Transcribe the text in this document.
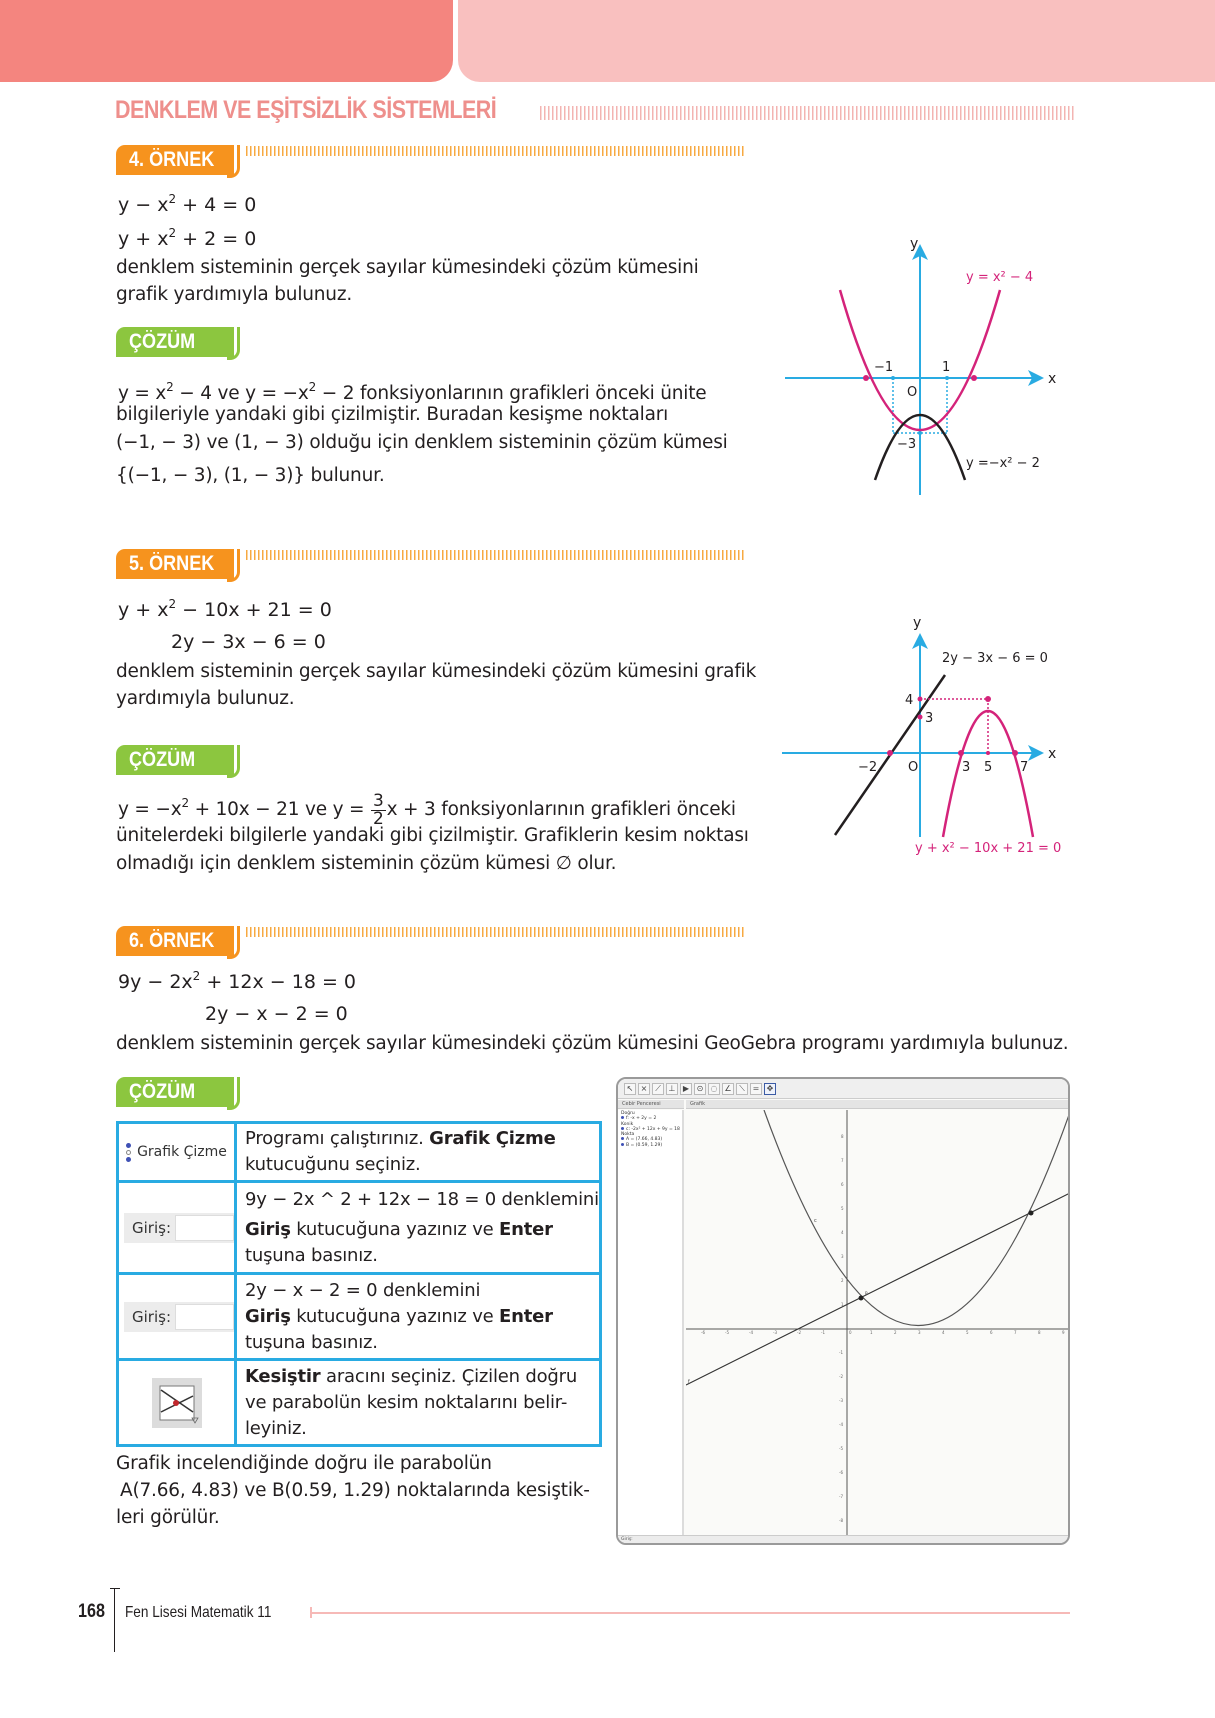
DENKLEM VE EŞİTSİZLİK SİSTEMLERİ
4. ÖRNEK
$y - x^2 + 4 = 0$
$y + x^2 + 2 = 0$
denklem sisteminin gerçek sayılar kümesindeki çözüm kümesini
grafik yardımıyla bulunuz.
ÇÖZÜM
$y = x^2 - 4$ ve $y = -x^2 - 2$ fonksiyonlarının grafikleri önceki ünite
bilgileriyle yandaki gibi çizilmiştir. Buradan kesişme noktaları
(−1, − 3) ve (1, − 3) olduğu için denklem sisteminin çözüm kümesi
{(−1, − 3), (1, − 3)} bulunur.
y
x
O
−1	1
−3
y = x² − 4
y =−x² − 2
5. ÖRNEK
$y + x^2 - 10x + 21 = 0$
2y − 3x − 6 = 0
denklem sisteminin gerçek sayılar kümesindeki çözüm kümesini grafik
yardımıyla bulunuz.
ÇÖZÜM
$y = -x^2 + 10x - 21$ ve $y = \frac{3}{2}$ x + 3 fonksiyonlarının grafikleri önceki
ünitelerdeki bilgilerle yandaki gibi çizilmiştir. Grafiklerin kesim noktası
olmadığı için denklem sisteminin çözüm kümesi ∅ olur.
y
x
O
−2	3 5 7
4
3
2y − 3x − 6 = 0
y + x² − 10x + 21 = 0
6. ÖRNEK
$9y - 2x^2 + 12x - 18 = 0$
2y − x − 2 = 0
denklem sisteminin gerçek sayılar kümesindeki çözüm kümesini GeoGebra programı yardımıyla bulunuz.
ÇÖZÜM
Grafik Çizme	Programı çalıştırınız. Grafik Çizme
kutucuğunu seçiniz.

Giriş:	9y − 2x ^ 2 + 12x − 18 = 0 denklemini
Giriş kutucuğuna yazınız ve Enter
tuşuna basınız.

Giriş:	2y − x − 2 = 0 denklemini
Giriş kutucuğuna yazınız ve Enter
tuşuna basınız.

Kesiştir aracını seçiniz. Çizilen doğru
ve parabolün kesim noktalarını belir-
leyiniz.
Grafik incelendiğinde doğru ile parabolün
A(7.66, 4.83) ve B(0.59, 1.29) noktalarında kesiştik-
leri görülür.
↖ × ⟋ ⊥ ▶ ⊙ ◌ ∠ ⟍ = ✥
Cebir Penceresi	Grafik
Doğru
f: -x + 2y = 2
Konik
c: -2x² + 12x + 9y = 18
Nokta
A = (7.66, 4.83)
B = (0.59, 1.29)
B
c
f
-6	-5	-4	-3	-2	-1	0	1	2	3	4	5	6	7	8	9
8
7
6
5
4
3
2
1
-1
-2
-3
-4
-5
-6
-7
-8
Giriş:
168 Fen Lisesi Matematik 11
